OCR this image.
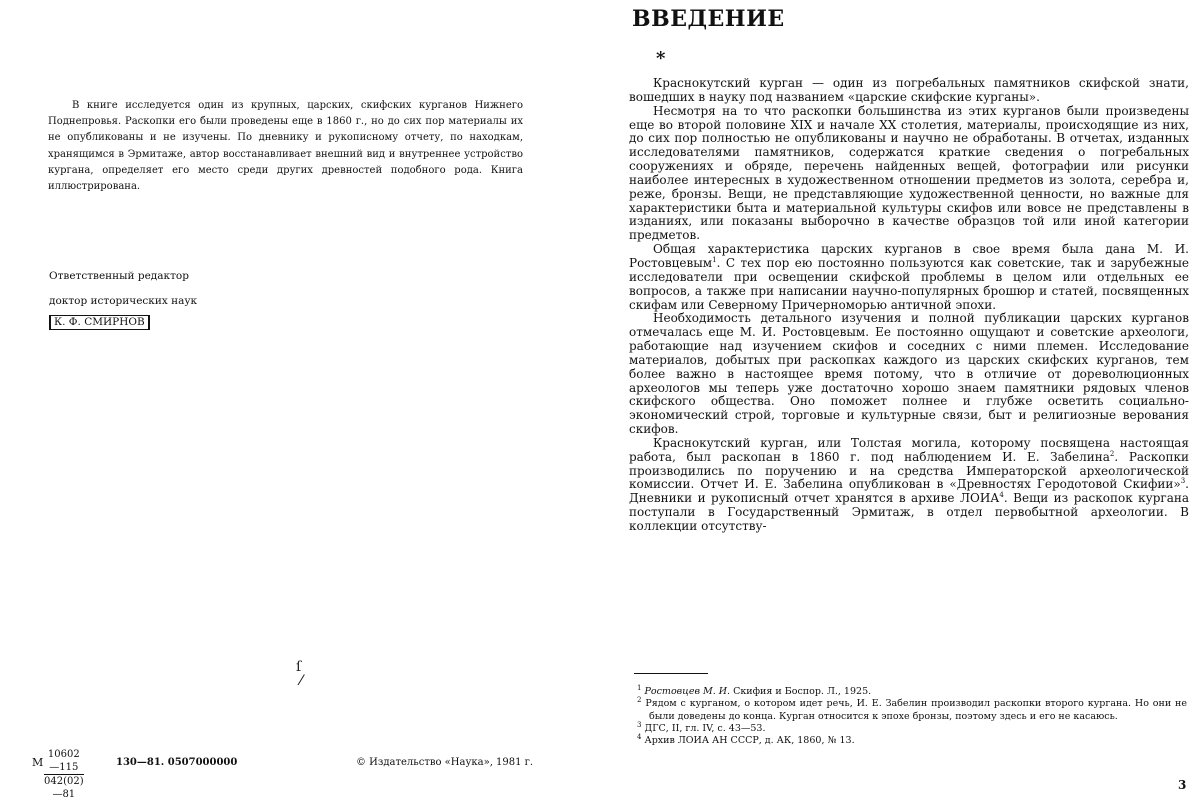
В книге исследуется один из крупных, царских, скифских курганов Нижнего Поднепровья. Раскопки его были проведены еще в 1860 г., но до сих пор материалы их не опубликованы и не изучены. По дневнику и рукописному отчету, по находкам, хранящимся в Эрмитаже, автор восстанавливает внешний вид и внутреннее устройство кургана, определяет его место среди других древностей подобного рода. Книга иллюстрирована.

Ответственный редактор
доктор исторических наук
К. Ф. СМИРНОВ
ſ
⁄
М $\frac{10602—115}{042(02)—81}$	130—81. 0507000000	© Издательство «Наука», 1981 г.
ВВЕДЕНИЕ
*

Краснокутский курган — один из погребальных памятников скифской знати, вошедших в науку под названием «царские скифские курганы».

Несмотря на то что раскопки большинства из этих курганов были произведены еще во второй половине XIX и начале XX столетия, материалы, происходящие из них, до сих пор полностью не опубликованы и научно не обработаны. В отчетах, изданных исследователями памятников, содержатся краткие сведения о погребальных сооружениях и обряде, перечень найденных вещей, фотографии или рисунки наиболее интересных в художественном отношении предметов из золота, серебра и, реже, бронзы. Вещи, не представляющие художественной ценности, но важные для характеристики быта и материальной культуры скифов или вовсе не представлены в изданиях, или показаны выборочно в качестве образцов той или иной категории предметов.

Общая характеристика царских курганов в свое время была дана М. И. Ростовцевым$^1$. С тех пор ею постоянно пользуются как советские, так и зарубежные исследователи при освещении скифской проблемы в целом или отдельных ее вопросов, а также при написании научно-популярных брошюр и статей, посвященных скифам или Северному Причерноморью античной эпохи.

Необходимость детального изучения и полной публикации царских курганов отмечалась еще М. И. Ростовцевым. Ее постоянно ощущают и советские археологи, работающие над изучением скифов и соседних с ними племен. Исследование материалов, добытых при раскопках каждого из царских скифских курганов, тем более важно в настоящее время потому, что в отличие от дореволюционных археологов мы теперь уже достаточно хорошо знаем памятники рядовых членов скифского общества. Оно поможет полнее и глубже осветить социально-экономический строй, торговые и культурные связи, быт и религиозные верования скифов.

Краснокутский курган, или Толстая могила, которому посвящена настоящая работа, был раскопан в 1860 г. под наблюдением И. Е. Забелина$^2$. Раскопки производились по поручению и на средства Императорской археологической комиссии. Отчет И. Е. Забелина опубликован в «Древностях Геродотовой Скифии»$^3$. Дневники и рукописный отчет хранятся в архиве ЛОИА$^4$. Вещи из раскопок кургана поступали в Государственный Эрмитаж, в отдел первобытной археологии. В коллекции отсутству-

$^1$ Ростовцев М. И. Скифия и Боспор. Л., 1925.

$^2$ Рядом с курганом, о котором идет речь, И. Е. Забелин производил раскопки второго кургана. Но они не были доведены до конца. Курган относится к эпохе бронзы, поэтому здесь и его не касаюсь.

$^3$ ДГС, II, гл. IV, с. 43—53.

$^4$ Архив ЛОИА АН СССР, д. АК, 1860, № 13.

3
